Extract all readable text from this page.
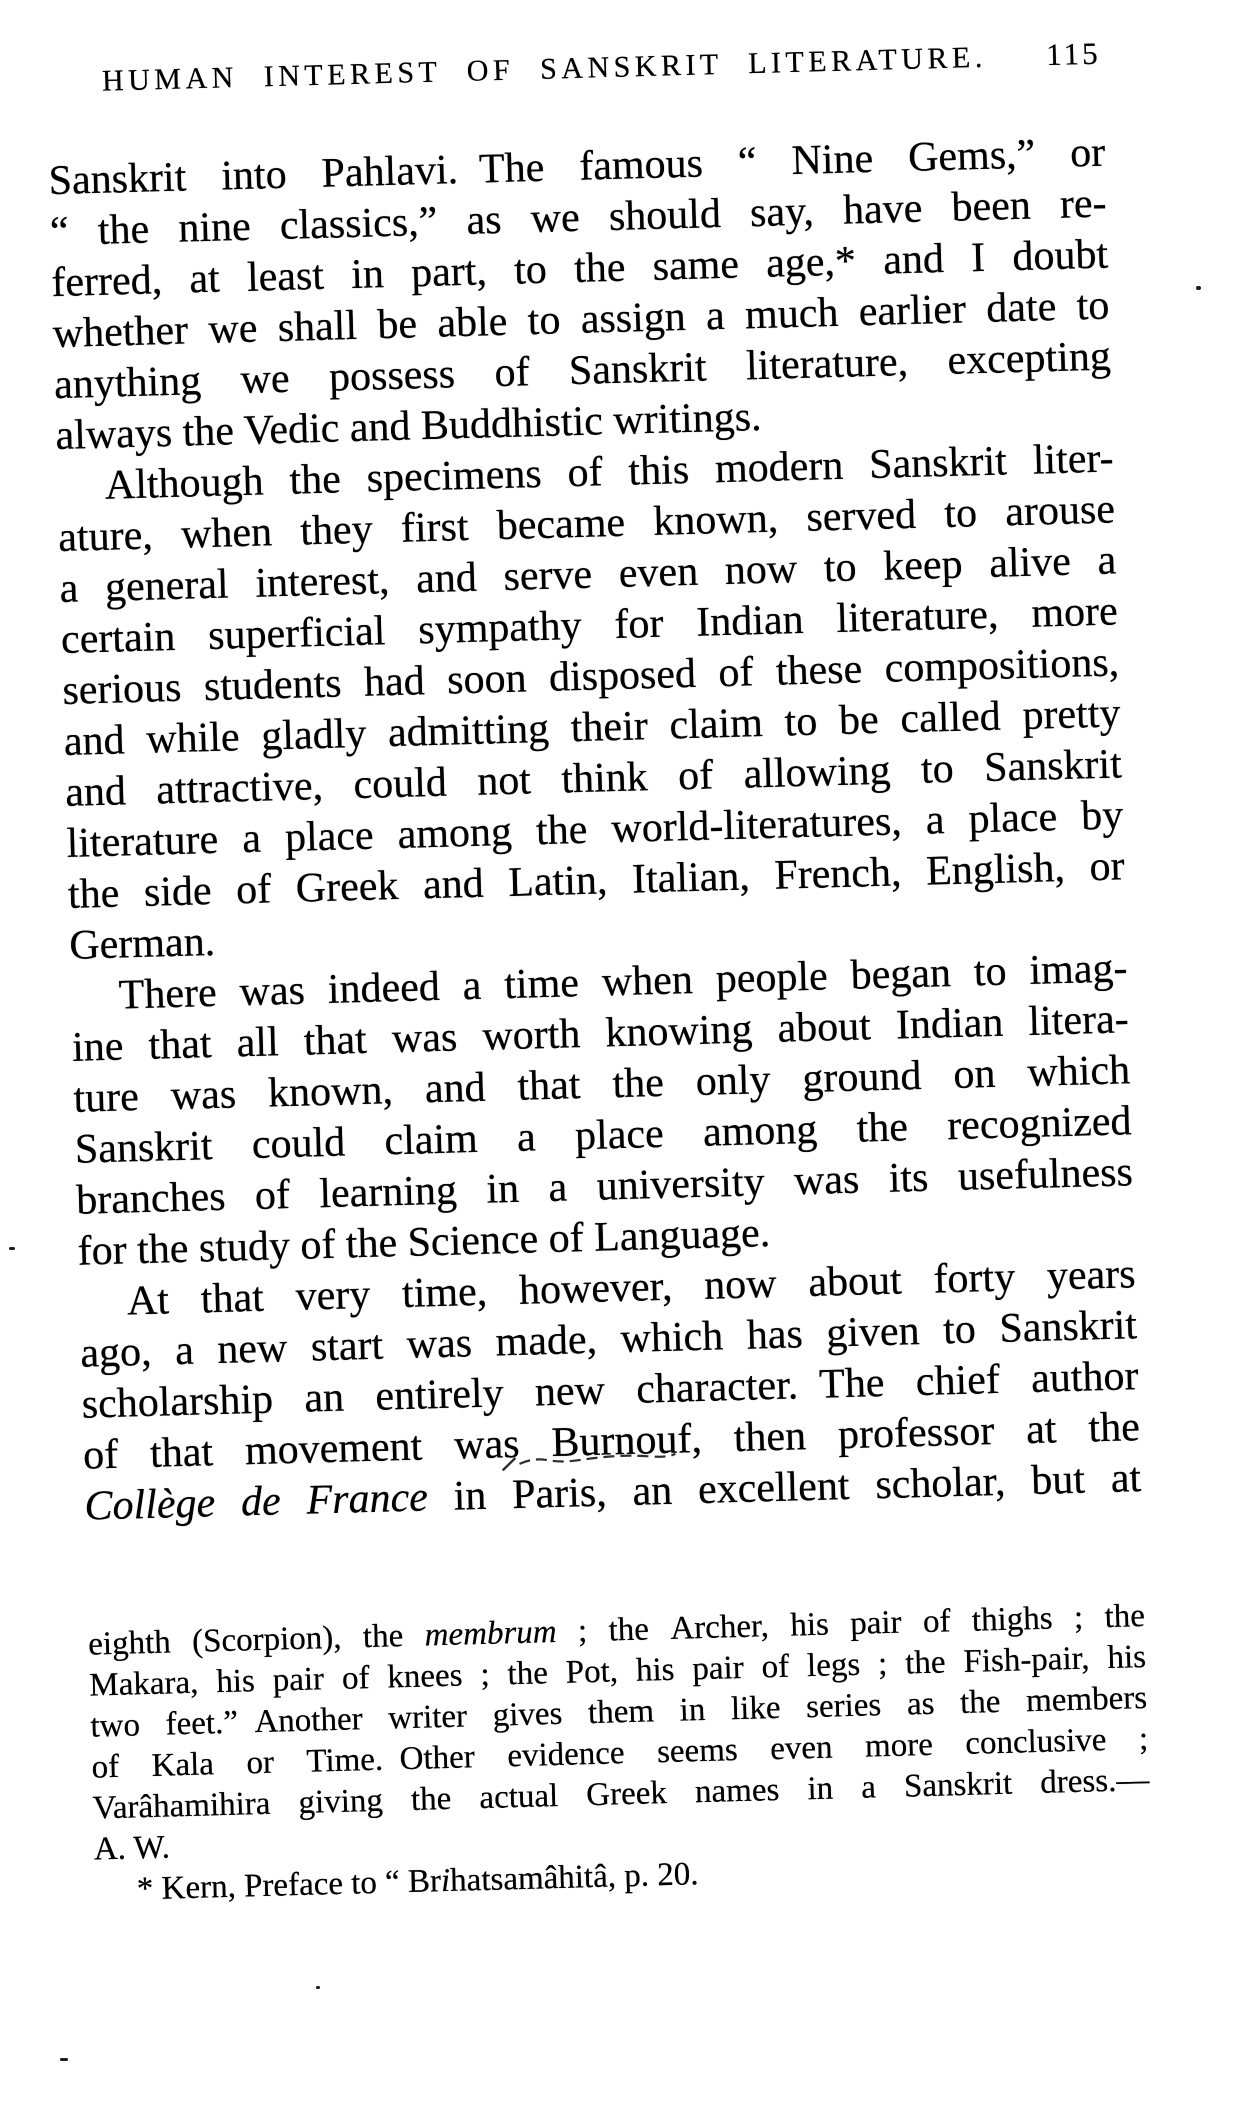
HUMAN INTEREST OF SANSKRIT LITERATURE. 115
Sanskrit into Pahlavi. The famous “ Nine Gems,” or
“ the nine classics,” as we should say, have been re-
ferred, at least in part, to the same age,* and I doubt
whether we shall be able to assign a much earlier date to
anything we possess of Sanskrit literature, excepting
always the Vedic and Buddhistic writings.
Although the specimens of this modern Sanskrit liter-
ature, when they first became known, served to arouse
a general interest, and serve even now to keep alive a
certain superficial sympathy for Indian literature, more
serious students had soon disposed of these compositions,
and while gladly admitting their claim to be called pretty
and attractive, could not think of allowing to Sanskrit
literature a place among the world-literatures, a place by
the side of Greek and Latin, Italian, French, English, or
German.
There was indeed a time when people began to imag-
ine that all that was worth knowing about Indian litera-
ture was known, and that the only ground on which
Sanskrit could claim a place among the recognized
branches of learning in a university was its usefulness
for the study of the Science of Language.
At that very time, however, now about forty years
ago, a new start was made, which has given to Sanskrit
scholarship an entirely new character. The chief author
of that movement was Burnouf, then professor at the
Collège de France in Paris, an excellent scholar, but at
eighth (Scorpion), the membrum ; the Archer, his pair of thighs ; the
Makara, his pair of knees ; the Pot, his pair of legs ; the Fish-pair, his
two feet.” Another writer gives them in like series as the members
of Kala or Time. Other evidence seems even more conclusive ;
Varâhamihira giving the actual Greek names in a Sanskrit dress.—
A. W.
* Kern, Preface to “ Brihatsamâhitâ, p. 20.
